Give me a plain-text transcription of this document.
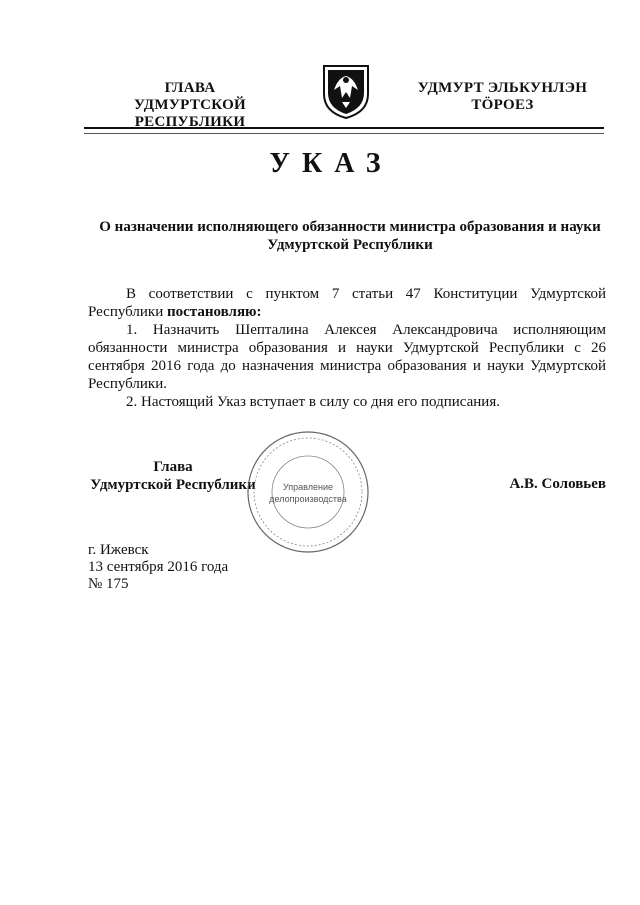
ГЛАВА
УДМУРТСКОЙ РЕСПУБЛИКИ
УДМУРТ ЭЛЬКУНЛЭН
ТӦРОЕЗ
УКАЗ
О назначении исполняющего обязанности министра образования и науки
Удмуртской Республики

В соответствии с пунктом 7 статьи 47 Конституции Удмуртской Республики постановляю:

1. Назначить Шепталина Алексея Александровича исполняющим обязанности министра образования и науки Удмуртской Республики с 26 сентября 2016 года до назначения министра образования и науки Удмуртской Республики.

2. Настоящий Указ вступает в силу со дня его подписания.

Глава
Удмуртской Республики	Управление
делопроизводства
А.В. Соловьев
г. Ижевск
13 сентября 2016 года
№ 175
